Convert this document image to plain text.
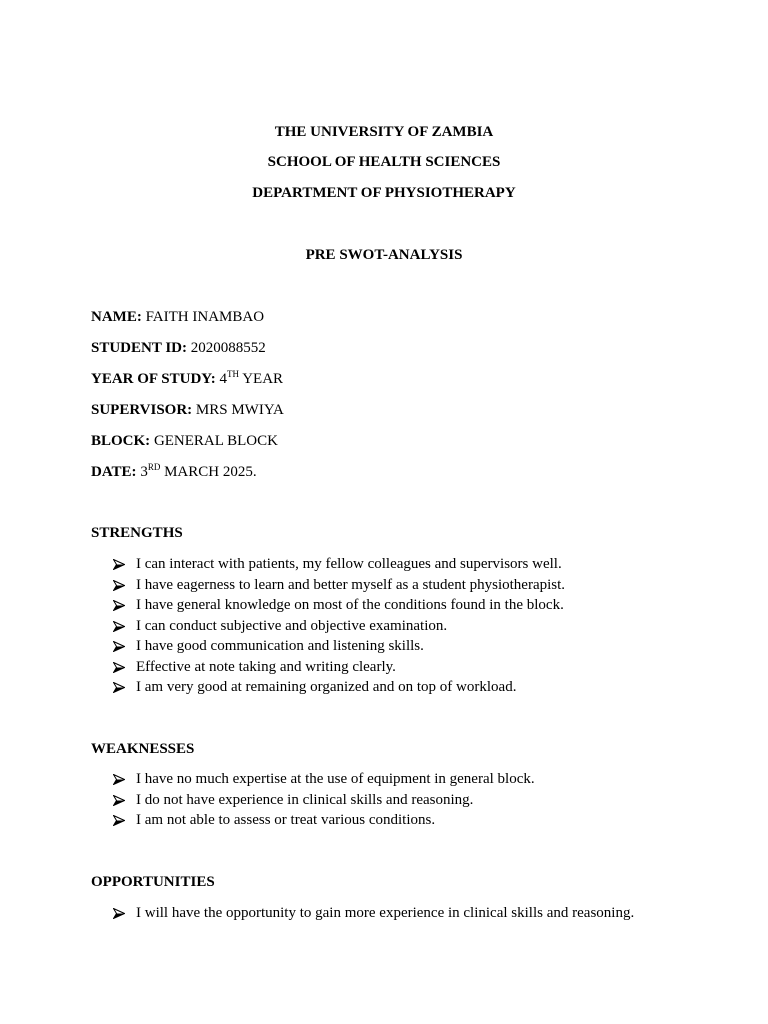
THE UNIVERSITY OF ZAMBIA
SCHOOL OF HEALTH SCIENCES
DEPARTMENT OF PHYSIOTHERAPY
PRE SWOT-ANALYSIS
NAME: FAITH INAMBAO
STUDENT ID: 2020088552
YEAR OF STUDY: 4TH YEAR
SUPERVISOR: MRS MWIYA
BLOCK: GENERAL BLOCK
DATE: 3RD MARCH 2025.
STRENGTHS
I can interact with patients, my fellow colleagues and supervisors well.
I have eagerness to learn and better myself as a student physiotherapist.
I have general knowledge on most of the conditions found in the block.
I can conduct subjective and objective examination.
I have good communication and listening skills.
Effective at note taking and writing clearly.
I am very good at remaining organized and on top of workload.
WEAKNESSES
I have no much expertise at the use of equipment in general block.
I do not have experience in clinical skills and reasoning.
I am not able to assess or treat various conditions.
OPPORTUNITIES
I will have the opportunity to gain more experience in clinical skills and reasoning.
